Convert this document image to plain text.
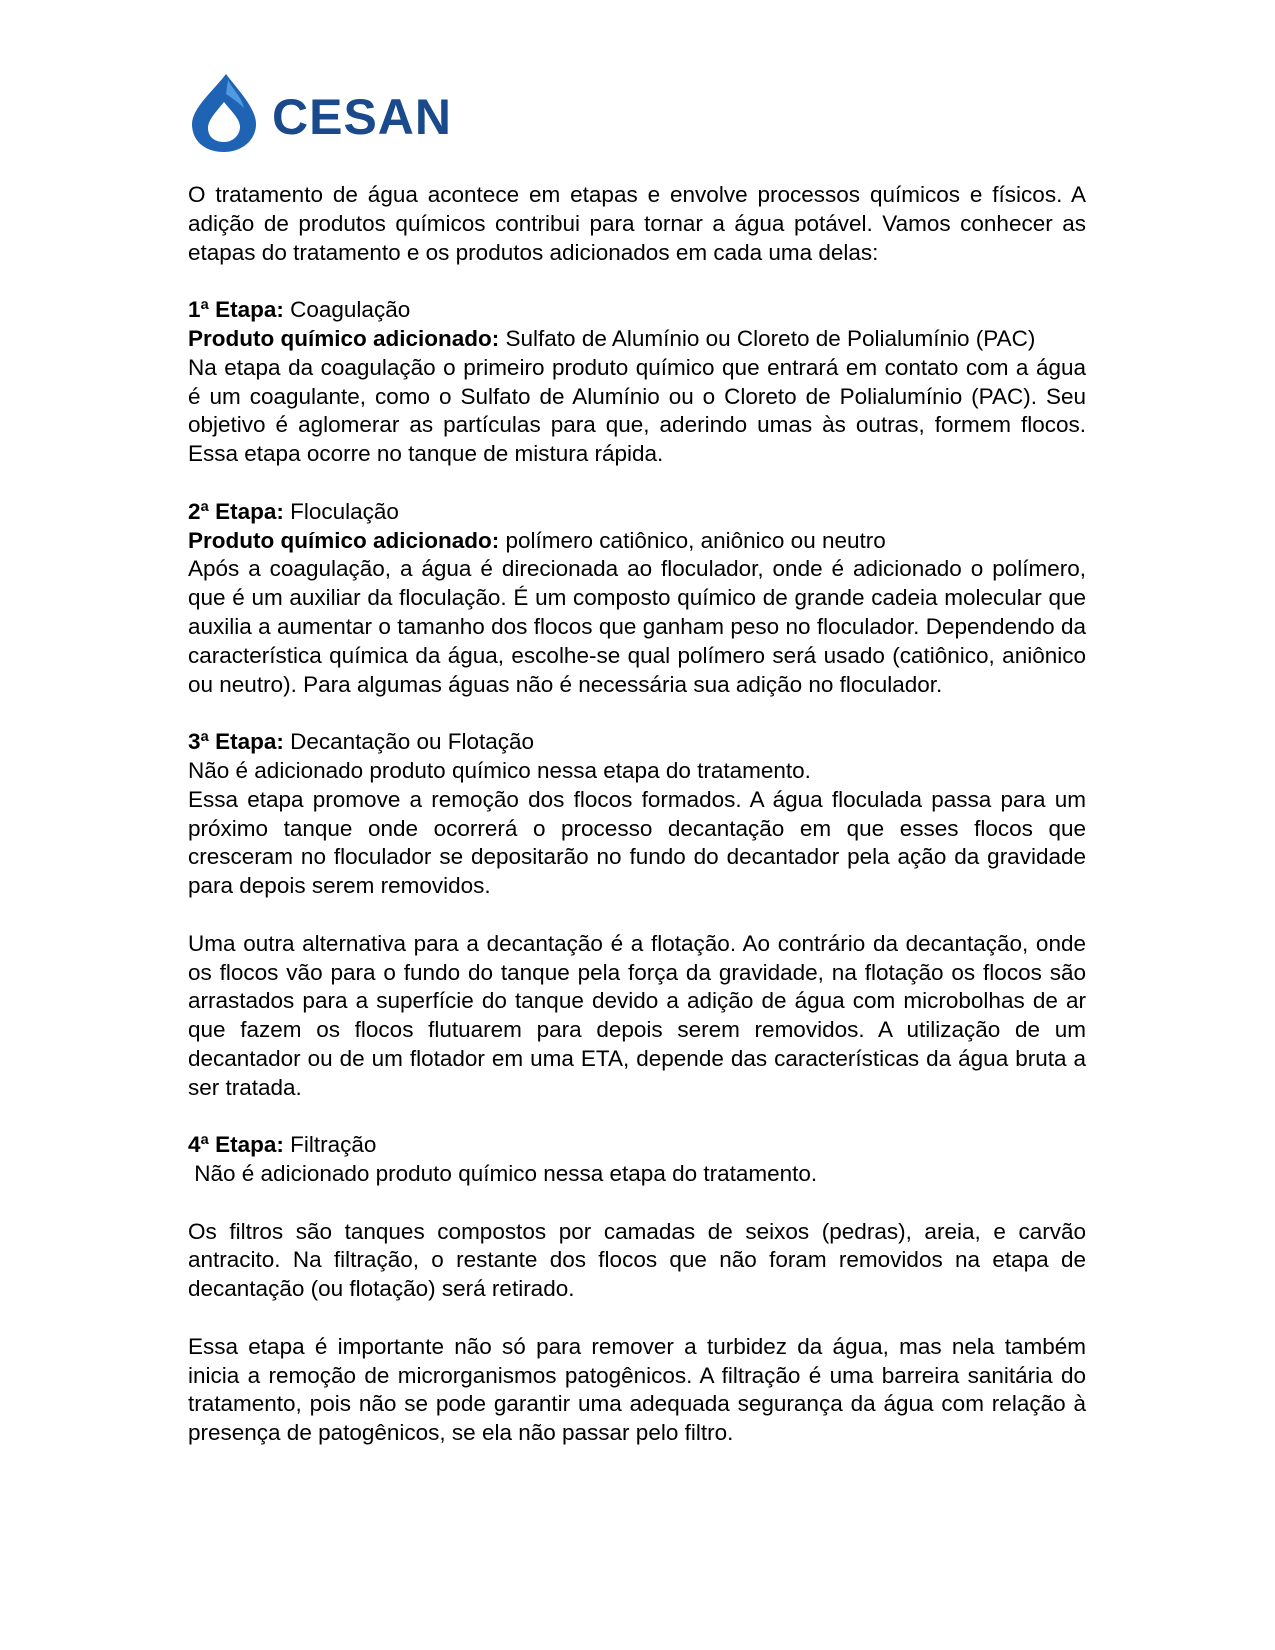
CESAN

O tratamento de água acontece em etapas e envolve processos químicos e físicos. A adição de produtos químicos contribui para tornar a água potável. Vamos conhecer as etapas do tratamento e os produtos adicionados em cada uma delas:

1ª Etapa: Coagulação

Produto químico adicionado: Sulfato de Alumínio ou Cloreto de Polialumínio (PAC)

Na etapa da coagulação o primeiro produto químico que entrará em contato com a água é um coagulante, como o Sulfato de Alumínio ou o Cloreto de Polialumínio (PAC). Seu objetivo é aglomerar as partículas para que, aderindo umas às outras, formem flocos. Essa etapa ocorre no tanque de mistura rápida.

2ª Etapa: Floculação

Produto químico adicionado: polímero catiônico, aniônico ou neutro

Após a coagulação, a água é direcionada ao floculador, onde é adicionado o polímero, que é um auxiliar da floculação. É um composto químico de grande cadeia molecular que auxilia a aumentar o tamanho dos flocos que ganham peso no floculador. Dependendo da característica química da água, escolhe-se qual polímero será usado (catiônico, aniônico ou neutro). Para algumas águas não é necessária sua adição no floculador.

3ª Etapa: Decantação ou Flotação

Não é adicionado produto químico nessa etapa do tratamento.

Essa etapa promove a remoção dos flocos formados. A água floculada passa para um próximo tanque onde ocorrerá o processo decantação em que esses flocos que cresceram no floculador se depositarão no fundo do decantador pela ação da gravidade para depois serem removidos.

Uma outra alternativa para a decantação é a flotação. Ao contrário da decantação, onde os flocos vão para o fundo do tanque pela força da gravidade, na flotação os flocos são arrastados para a superfície do tanque devido a adição de água com microbolhas de ar que fazem os flocos flutuarem para depois serem removidos. A utilização de um decantador ou de um flotador em uma ETA, depende das características da água bruta a ser tratada.

4ª Etapa: Filtração

Não é adicionado produto químico nessa etapa do tratamento.

Os filtros são tanques compostos por camadas de seixos (pedras), areia, e carvão antracito. Na filtração, o restante dos flocos que não foram removidos na etapa de decantação (ou flotação) será retirado.

Essa etapa é importante não só para remover a turbidez da água, mas nela também inicia a remoção de microrganismos patogênicos. A filtração é uma barreira sanitária do tratamento, pois não se pode garantir uma adequada segurança da água com relação à presença de patogênicos, se ela não passar pelo filtro.
